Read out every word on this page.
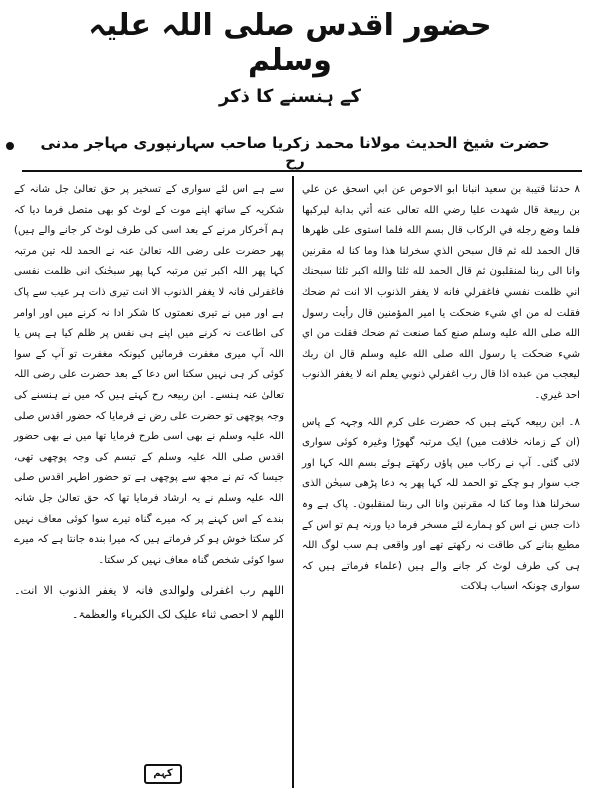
حضور اقدس صلی اللہ علیہ وسلم
کے ہنسنے کا ذکر
حضرت شیخ الحدیث مولانا محمد زکریا صاحب سہارنپوری مہاجر مدنی رح

۸ حدثنا قتيبة بن سعيد انبانا ابو الاحوص عن ابي اسحق عن علي بن ربيعة قال شهدت عليا رضي الله تعالى عنه أتي بدابة ليركبها فلما وضع رجله في الركاب قال بسم الله فلما استوى على ظهرها قال الحمد لله ثم قال سبحن الذي سخرلنا هذا وما كنا له مقرنين وانا الى ربنا لمنقلبون ثم قال الحمد لله ثلثا والله اكبر ثلثا سبحنك اني ظلمت نفسي فاغفرلي فانه لا يغفر الذنوب الا انت ثم ضحك فقلت له من اي شيء ضحكت يا امير المؤمنين قال رأيت رسول الله صلى الله عليه وسلم صنع كما صنعت ثم ضحك فقلت من اي شيء ضحكت يا رسول الله صلى الله عليه وسلم قال ان ربك ليعجب من عبده اذا قال رب اغفرلي ذنوبي يعلم انه لا يغفر الذنوب احد غيري۔

۸۔ ابن ربیعہ کہتے ہیں کہ حضرت علی کرم اللہ وجہہ کے پاس (ان کے زمانہ خلافت میں) ایک مرتبہ گھوڑا وغیرہ کوئی سواری لائی گئی۔ آپ نے رکاب میں پاؤں رکھتے ہوئے بسم اللہ کہا اور جب سوار ہو چکے تو الحمد للہ کہا پھر یہ دعا پڑھی سبحٰن الذی سخرلنا ھذا وما کنا لہ مقرنین وانا الی ربنا لمنقلبون۔ پاک ہے وہ ذات جس نے اس کو ہمارے لئے مسخر فرما دیا ورنہ ہم تو اس کے مطیع بنانے کی طاقت نہ رکھتے تھے اور واقعی ہم سب لوگ اللہ ہی کی طرف لوٹ کر جانے والے ہیں (علماء فرماتے ہیں کہ سواری چونکہ اسباب ہلاکت

سے ہے اس لئے سواری کے تسخیر پر حق تعالیٰ جل شانہ کے شکریہ کے ساتھ اپنے موت کے لوٹ کو بھی متصل فرما دیا کہ ہم آخرکار مرنے کے بعد اسی کی طرف لوٹ کر جانے والے ہیں) پھر حضرت علی رضی اللہ تعالیٰ عنہ نے الحمد للہ تین مرتبہ کہا پھر اللہ اکبر تین مرتبہ کہا پھر سبحٰنک انی ظلمت نفسی فاغفرلی فانہ لا یغفر الذنوب الا انت تیری ذات ہر عیب سے پاک ہے اور میں نے تیری نعمتوں کا شکر ادا نہ کرنے میں اور اوامر کی اطاعت نہ کرنے میں اپنے ہی نفس پر ظلم کیا ہے پس یا اللہ آپ میری مغفرت فرمائیں کیونکہ مغفرت تو آپ کے سوا کوئی کر ہی نہیں سکتا اس دعا کے بعد حضرت علی رضی اللہ تعالیٰ عنہ ہنسے۔ ابن ربیعہ رح کہتے ہیں کہ میں نے ہنسنے کی وجہ پوچھی تو حضرت علی رض نے فرمایا کہ حضور اقدس صلی اللہ علیہ وسلم نے بھی اسی طرح فرمایا تھا میں نے بھی حضور اقدس صلی اللہ علیہ وسلم کے تبسم کی وجہ پوچھی تھی، جیسا کہ تم نے مجھ سے پوچھی ہے تو حضور اطہر اقدس صلی اللہ علیہ وسلم نے یہ ارشاد فرمایا تھا کہ حق تعالیٰ جل شانہ بندے کے اس کہنے پر کہ میرے گناہ تیرے سوا کوئی معاف نہیں کر سکتا خوش ہو کر فرماتے ہیں کہ میرا بندہ جانتا ہے کہ میرے سوا کوئی شخص گناہ معاف نہیں کر سکتا۔

اللھم رب اغفرلی ولوالدی فانہ لا یغفر الذنوب الا انت۔ اللھم لا احصی ثناء علیک لک الکبریاء والعظمۃ۔

کہم
